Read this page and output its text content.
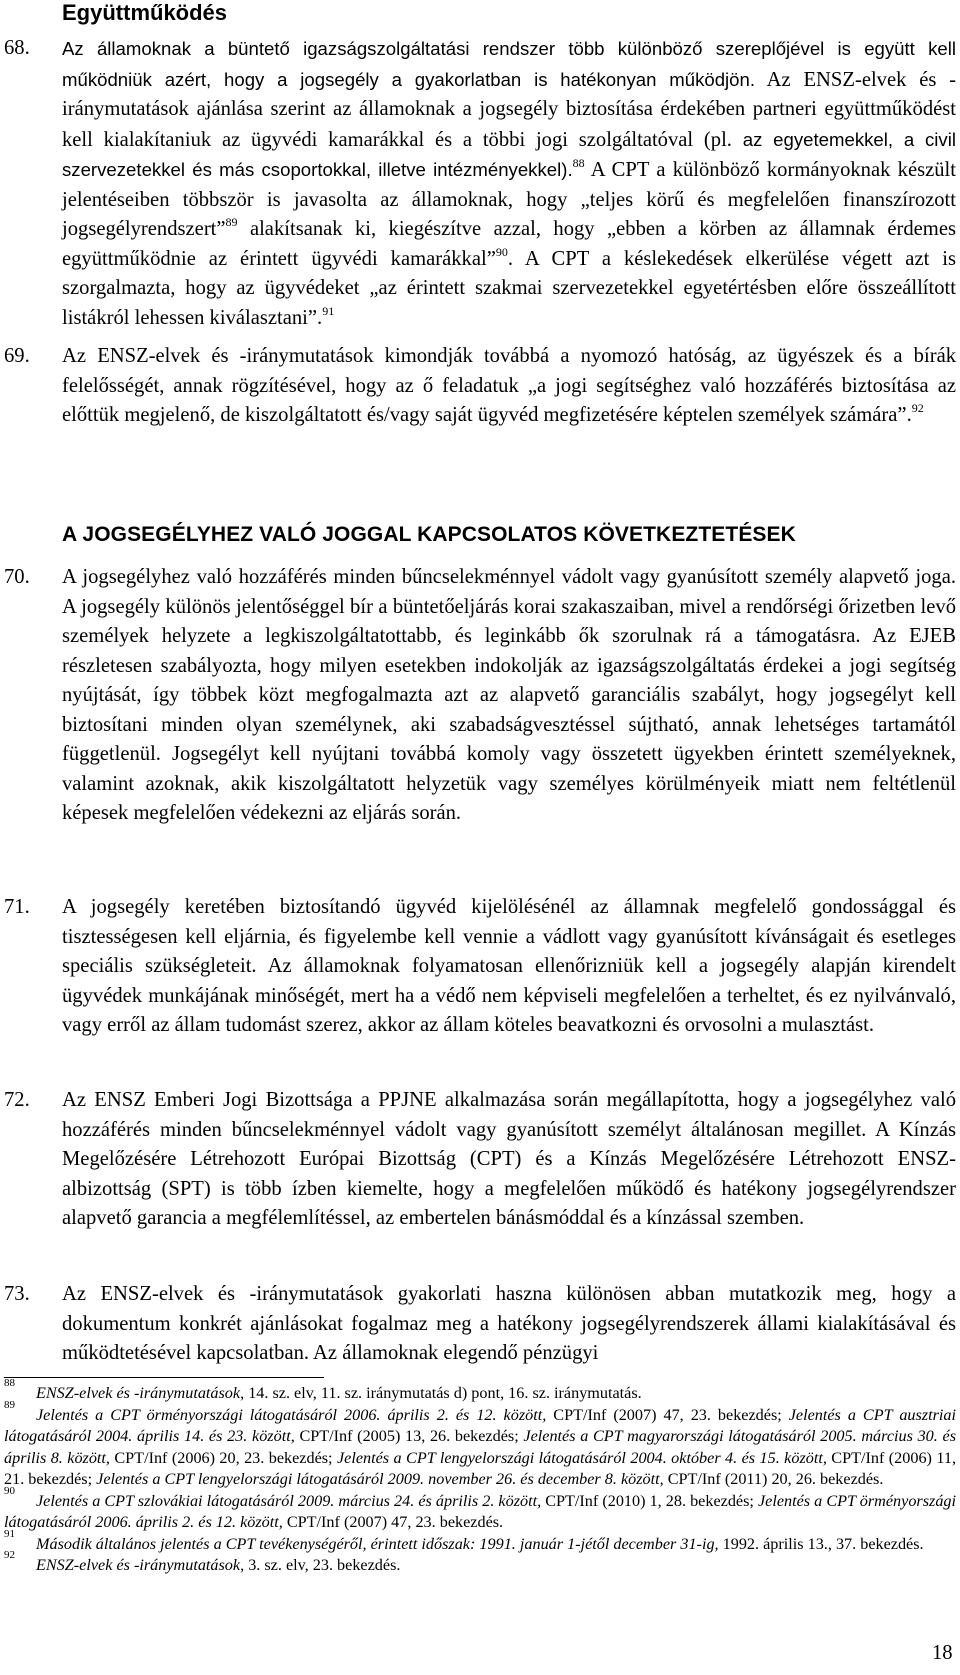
Együttműködés
68. Az államoknak a büntető igazságszolgáltatási rendszer több különböző szereplőjével is együtt kell működniük azért, hogy a jogsegély a gyakorlatban is hatékonyan működjön. Az ENSZ-elvek és -iránymutatások ajánlása szerint az államoknak a jogsegély biztosítása érdekében partneri együttműködést kell kialakítaniuk az ügyvédi kamarákkal és a többi jogi szolgáltatóval (pl. az egyetemekkel, a civil szervezetekkel és más csoportokkal, illetve intézményekkel).$^{88}$ A CPT a különböző kormányoknak készült jelentéseiben többször is javasolta az államoknak, hogy „teljes körű és megfelelően finanszírozott jogsegélyrendszert”$^{89}$ alakítsanak ki, kiegészítve azzal, hogy „ebben a körben az államnak érdemes együttműködnie az érintett ügyvédi kamarákkal”$^{90}$. A CPT a késlekedések elkerülése végett azt is szorgalmazta, hogy az ügyvédeket „az érintett szakmai szervezetekkel egyetértésben előre összeállított listákról lehessen kiválasztani”.$^{91}$
69. Az ENSZ-elvek és -iránymutatások kimondják továbbá a nyomozó hatóság, az ügyészek és a bírák felelősségét, annak rögzítésével, hogy az ő feladatuk „a jogi segítséghez való hozzáférés biztosítása az előttük megjelenő, de kiszolgáltatott és/vagy saját ügyvéd megfizetésére képtelen személyek számára”.$^{92}$
A JOGSEGÉLYHEZ VALÓ JOGGAL KAPCSOLATOS KÖVETKEZTETÉSEK
70. A jogsegélyhez való hozzáférés minden bűncselekménnyel vádolt vagy gyanúsított személy alapvető joga. A jogsegély különös jelentőséggel bír a büntetőeljárás korai szakaszaiban, mivel a rendőrségi őrizetben levő személyek helyzete a legkiszolgáltatottabb, és leginkább ők szorulnak rá a támogatásra. Az EJEB részletesen szabályozta, hogy milyen esetekben indokolják az igazságszolgáltatás érdekei a jogi segítség nyújtását, így többek közt megfogalmazta azt az alapvető garanciális szabályt, hogy jogsegélyt kell biztosítani minden olyan személynek, aki szabadságvesztéssel sújtható, annak lehetséges tartamától függetlenül. Jogsegélyt kell nyújtani továbbá komoly vagy összetett ügyekben érintett személyeknek, valamint azoknak, akik kiszolgáltatott helyzetük vagy személyes körülményeik miatt nem feltétlenül képesek megfelelően védekezni az eljárás során.
71. A jogsegély keretében biztosítandó ügyvéd kijelölésénél az államnak megfelelő gondossággal és tisztességesen kell eljárnia, és figyelembe kell vennie a vádlott vagy gyanúsított kívánságait és esetleges speciális szükségleteit. Az államoknak folyamatosan ellenőrizniük kell a jogsegély alapján kirendelt ügyvédek munkájának minőségét, mert ha a védő nem képviseli megfelelően a terheltet, és ez nyilvánvaló, vagy erről az állam tudomást szerez, akkor az állam köteles beavatkozni és orvosolni a mulasztást.
72. Az ENSZ Emberi Jogi Bizottsága a PPJNE alkalmazása során megállapította, hogy a jogsegélyhez való hozzáférés minden bűncselekménnyel vádolt vagy gyanúsított személyt általánosan megillet. A Kínzás Megelőzésére Létrehozott Európai Bizottság (CPT) és a Kínzás Megelőzésére Létrehozott ENSZ-albizottság (SPT) is több ízben kiemelte, hogy a megfelelően működő és hatékony jogsegélyrendszer alapvető garancia a megfélemlítéssel, az embertelen bánásmóddal és a kínzással szemben.
73. Az ENSZ-elvek és -iránymutatások gyakorlati haszna különösen abban mutatkozik meg, hogy a dokumentum konkrét ajánlásokat fogalmaz meg a hatékony jogsegélyrendszerek állami kialakításával és működtetésével kapcsolatban. Az államoknak elegendő pénzügyi
88
ENSZ-elvek és -iránymutatások, 14. sz. elv, 11. sz. iránymutatás d) pont, 16. sz. iránymutatás.
89
Jelentés a CPT örményországi látogatásáról 2006. április 2. és 12. között, CPT/Inf (2007) 47, 23. bekezdés; Jelentés a CPT ausztriai látogatásáról 2004. április 14. és 23. között, CPT/Inf (2005) 13, 26. bekezdés; Jelentés a CPT magyarországi látogatásáról 2005. március 30. és április 8. között, CPT/Inf (2006) 20, 23. bekezdés; Jelentés a CPT lengyelországi látogatásáról 2004. október 4. és 15. között, CPT/Inf (2006) 11, 21. bekezdés; Jelentés a CPT lengyelországi látogatásáról 2009. november 26. és december 8. között, CPT/Inf (2011) 20, 26. bekezdés.
90
Jelentés a CPT szlovákiai látogatásáról 2009. március 24. és április 2. között, CPT/Inf (2010) 1, 28. bekezdés; Jelentés a CPT örményországi látogatásáról 2006. április 2. és 12. között, CPT/Inf (2007) 47, 23. bekezdés.
91
Második általános jelentés a CPT tevékenységéről, érintett időszak: 1991. január 1-jétől december 31-ig, 1992. április 13., 37. bekezdés.
92
ENSZ-elvek és -iránymutatások, 3. sz. elv, 23. bekezdés.
18
